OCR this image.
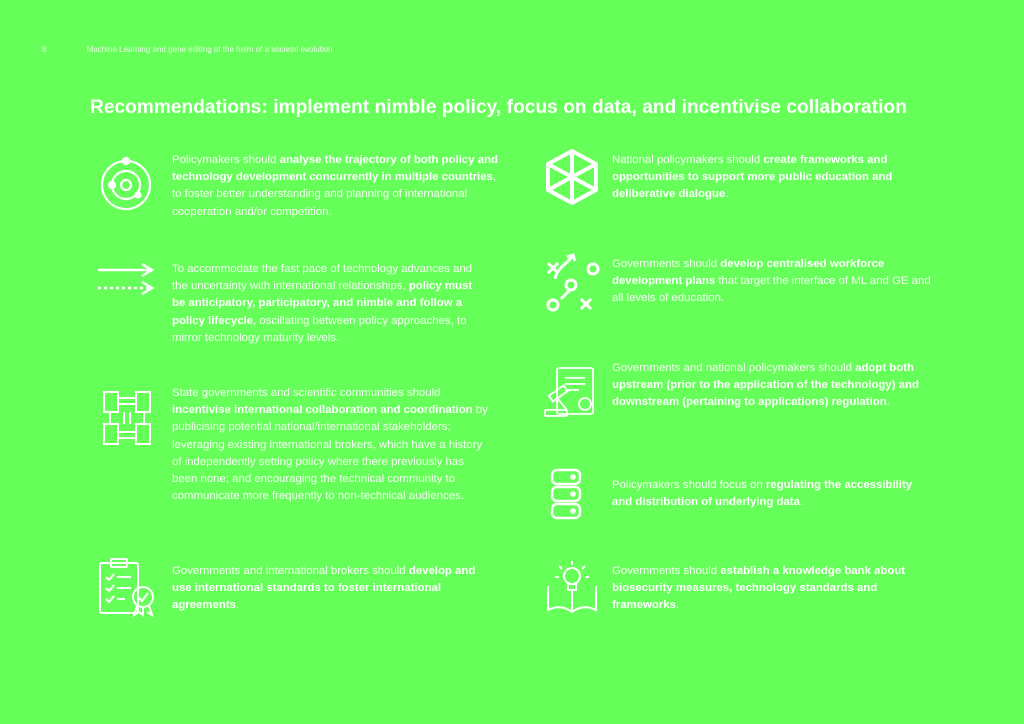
8	Machine Learning and gene editing at the helm of a societal evolution
Recommendations: implement nimble policy, focus on data, and incentivise collaboration
Policymakers should analyse the trajectory of both policy and technology development concurrently in multiple countries, to foster better understanding and planning of international cooperation and/or competition.
To accommodate the fast pace of technology advances and the uncertainty with international relationships, policy must be anticipatory, participatory, and nimble and follow a policy lifecycle, oscillating between policy approaches, to mirror technology maturity levels.
State governments and scientific communities should incentivise international collaboration and coordination by publicising potential national/international stakeholders; leveraging existing international brokers, which have a history of independently setting policy where there previously has been none; and encouraging the technical community to communicate more frequently to non-technical audiences.
Governments and international brokers should develop and use international standards to foster international agreements.
National policymakers should create frameworks and opportunities to support more public education and deliberative dialogue.
Governments should develop centralised workforce development plans that target the interface of ML and GE and all levels of education.
Governments and national policymakers should adopt both upstream (prior to the application of the technology) and downstream (pertaining to applications) regulation.
Policymakers should focus on regulating the accessibility and distribution of underlying data.
Governments should establish a knowledge bank about biosecurity measures, technology standards and frameworks.
